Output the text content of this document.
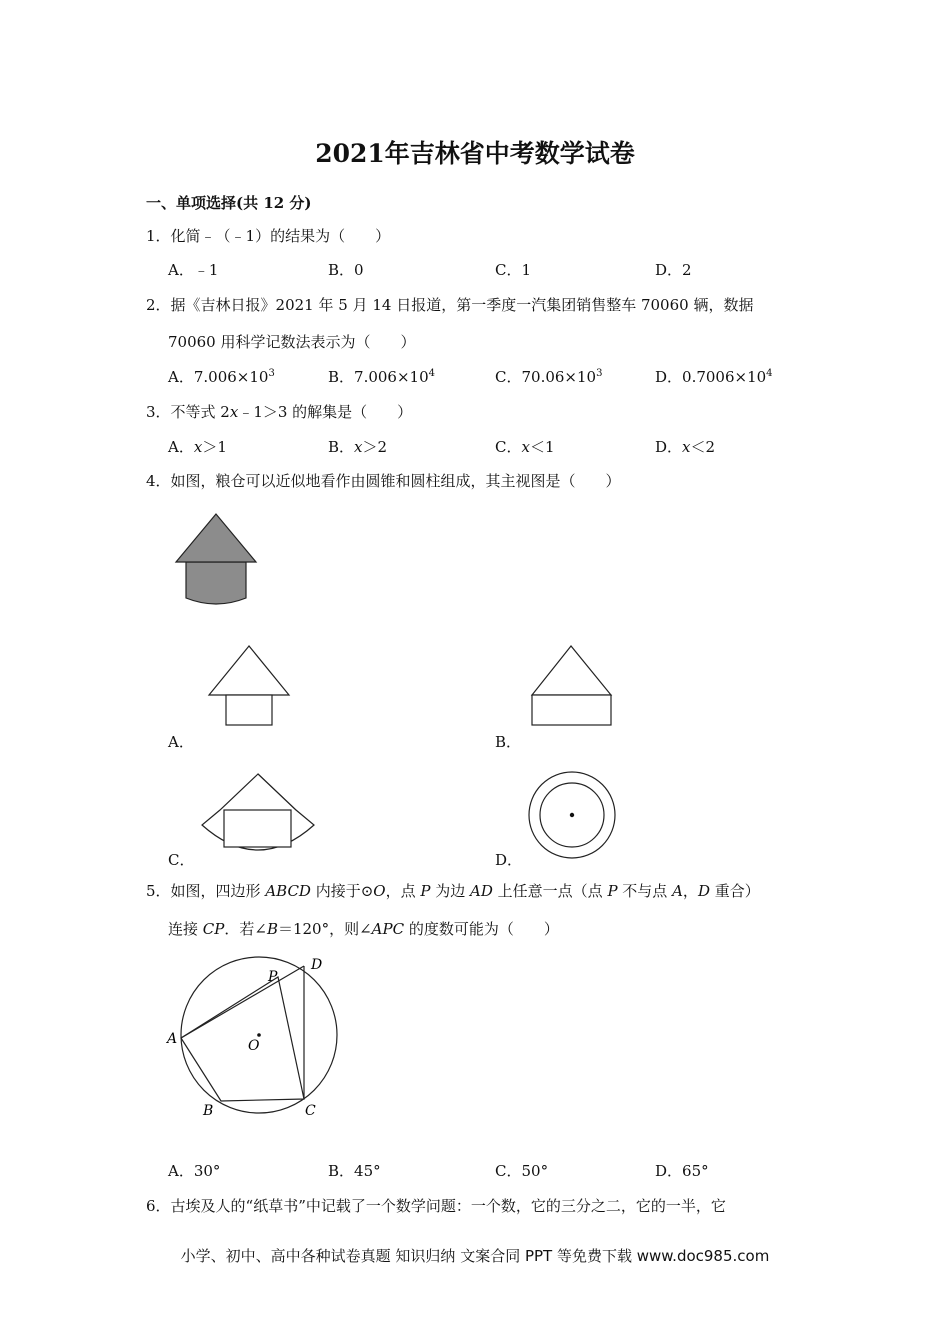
2021年吉林省中考数学试卷
一、单项选择(共 12 分)
1．化简﹣（﹣1）的结果为（　　）
A．﹣1	B．0	C．1	D．2
2．据《吉林日报》2021 年 5 月 14 日报道，第一季度一汽集团销售整车 70060 辆，数据
70060 用科学记数法表示为（　　）
A．$7.006\times 10^3$	B．$7.006\times 10^4$	C．$70.06\times 10^3$	D．$0.7006\times 10^4$
3．不等式 2x﹣1＞3 的解集是（　　）
A．x＞1	B．x＞2	C．x＜1	D．x＜2
4．如图，粮仓可以近似地看作由圆锥和圆柱组成，其主视图是（　　）
A．	B．
C．	D．
5．如图，四边形 ABCD 内接于⊙O，点 P 为边 AD 上任意一点（点 P 不与点 A，D 重合）
连接 CP．若∠B＝120°，则∠APC 的度数可能为（　　）
A
B	C
D
P
O
A．30°	B．45°	C．50°	D．65°
6．古埃及人的“纸草书”中记载了一个数学问题：一个数，它的三分之二，它的一半，它
小学、初中、高中各种试卷真题 知识归纳 文案合同 PPT 等免费下载 www.doc985.com
